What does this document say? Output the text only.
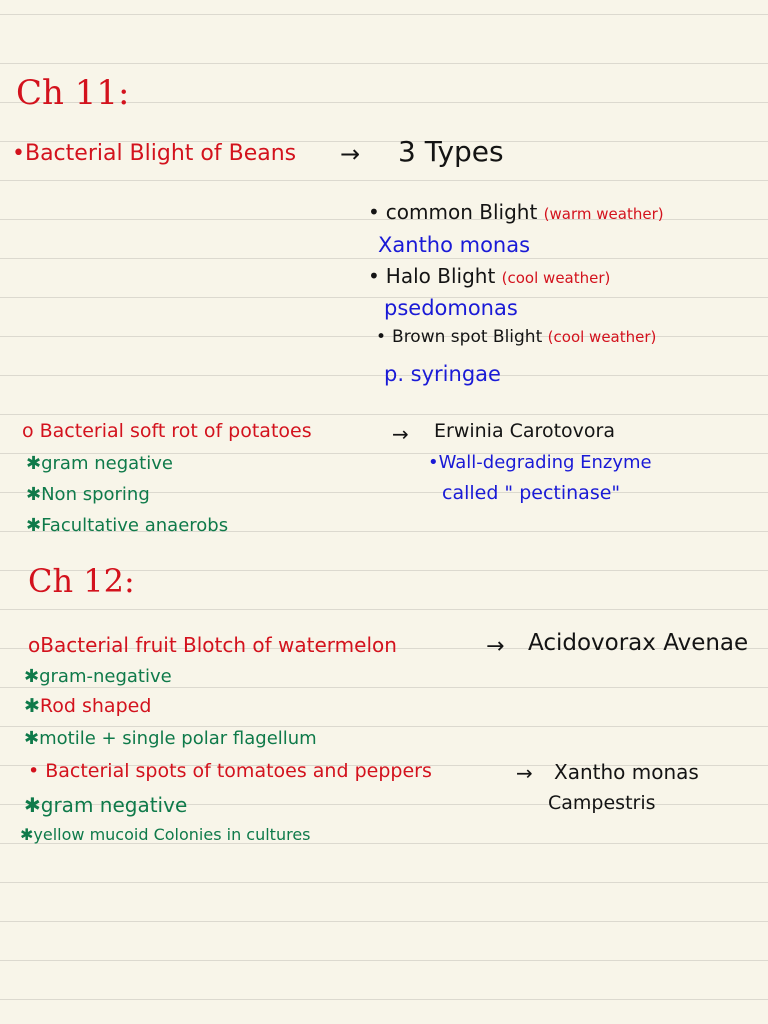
Ch 11:
•Bacterial Blight of Beans → 3 Types
• common Blight (warm weather)
Xantho monas
• Halo Blight (cool weather)
psedomonas
• Brown spot Blight (cool weather)
p. syringae
o Bacterial soft rot of potatoes	→ Erwinia Carotovora
•Wall-degrading Enzyme
called " pectinase"
✱gram negative
✱Non sporing
✱Facultative anaerobs
Ch 12:
oBacterial fruit Blotch of watermelon	→ Acidovorax Avenae
✱gram-negative
✱Rod shaped
✱motile + single polar flagellum
• Bacterial spots of tomatoes and peppers	→ Xantho monas
Campestris
✱gram negative
✱yellow mucoid Colonies in cultures
